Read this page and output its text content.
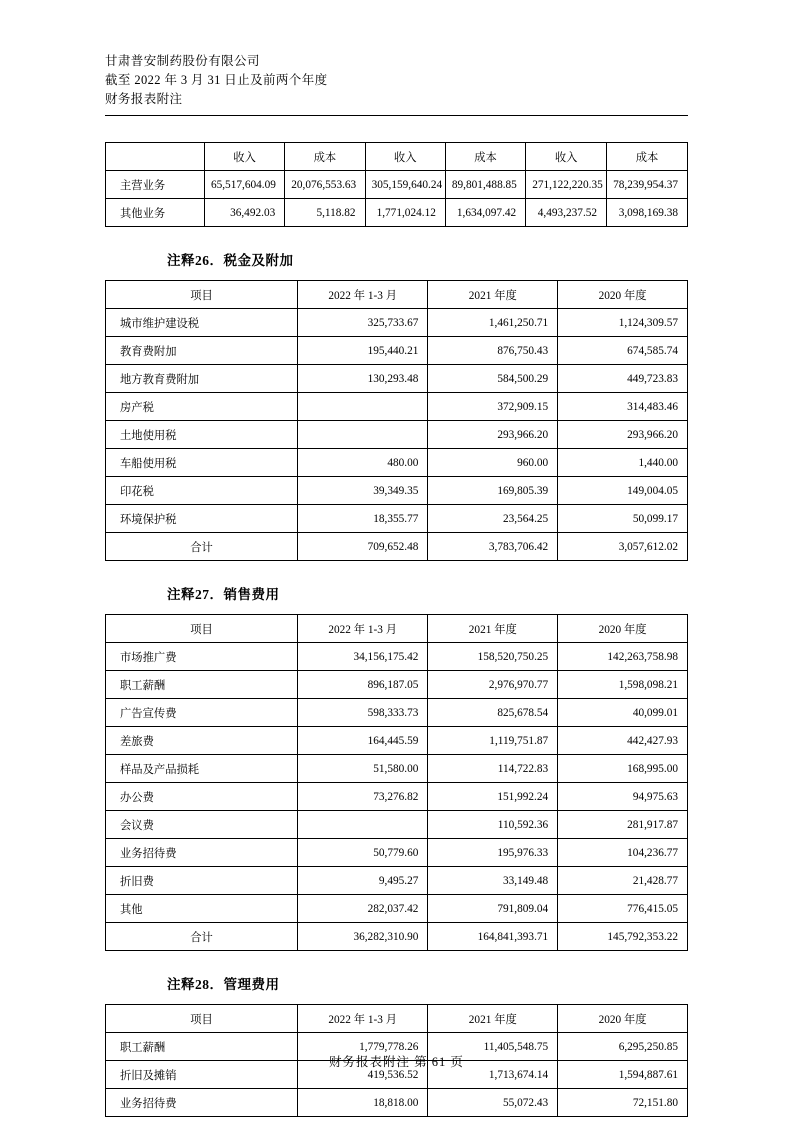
甘肃普安制药股份有限公司
截至 2022 年 3 月 31 日止及前两个年度
财务报表附注
	收入	成本	收入	成本	收入	成本
主营业务	65,517,604.09	20,076,553.63	305,159,640.24	89,801,488.85	271,122,220.35	78,239,954.37
其他业务	36,492.03	5,118.82	1,771,024.12	1,634,097.42	4,493,237.52	3,098,169.38
注释26．税金及附加
项目	2022 年 1-3 月	2021 年度	2020 年度
城市维护建设税	325,733.67	1,461,250.71	1,124,309.57
教育费附加	195,440.21	876,750.43	674,585.74
地方教育费附加	130,293.48	584,500.29	449,723.83
房产税		372,909.15	314,483.46
土地使用税		293,966.20	293,966.20
车船使用税	480.00	960.00	1,440.00
印花税	39,349.35	169,805.39	149,004.05
环境保护税	18,355.77	23,564.25	50,099.17
合计	709,652.48	3,783,706.42	3,057,612.02
注释27．销售费用
项目	2022 年 1-3 月	2021 年度	2020 年度
市场推广费	34,156,175.42	158,520,750.25	142,263,758.98
职工薪酬	896,187.05	2,976,970.77	1,598,098.21
广告宣传费	598,333.73	825,678.54	40,099.01
差旅费	164,445.59	1,119,751.87	442,427.93
样品及产品损耗	51,580.00	114,722.83	168,995.00
办公费	73,276.82	151,992.24	94,975.63
会议费		110,592.36	281,917.87
业务招待费	50,779.60	195,976.33	104,236.77
折旧费	9,495.27	33,149.48	21,428.77
其他	282,037.42	791,809.04	776,415.05
合计	36,282,310.90	164,841,393.71	145,792,353.22
注释28．管理费用
项目	2022 年 1-3 月	2021 年度	2020 年度
职工薪酬	1,779,778.26	11,405,548.75	6,295,250.85
折旧及摊销	419,536.52	1,713,674.14	1,594,887.61
业务招待费	18,818.00	55,072.43	72,151.80
财务报表附注 第 61 页
